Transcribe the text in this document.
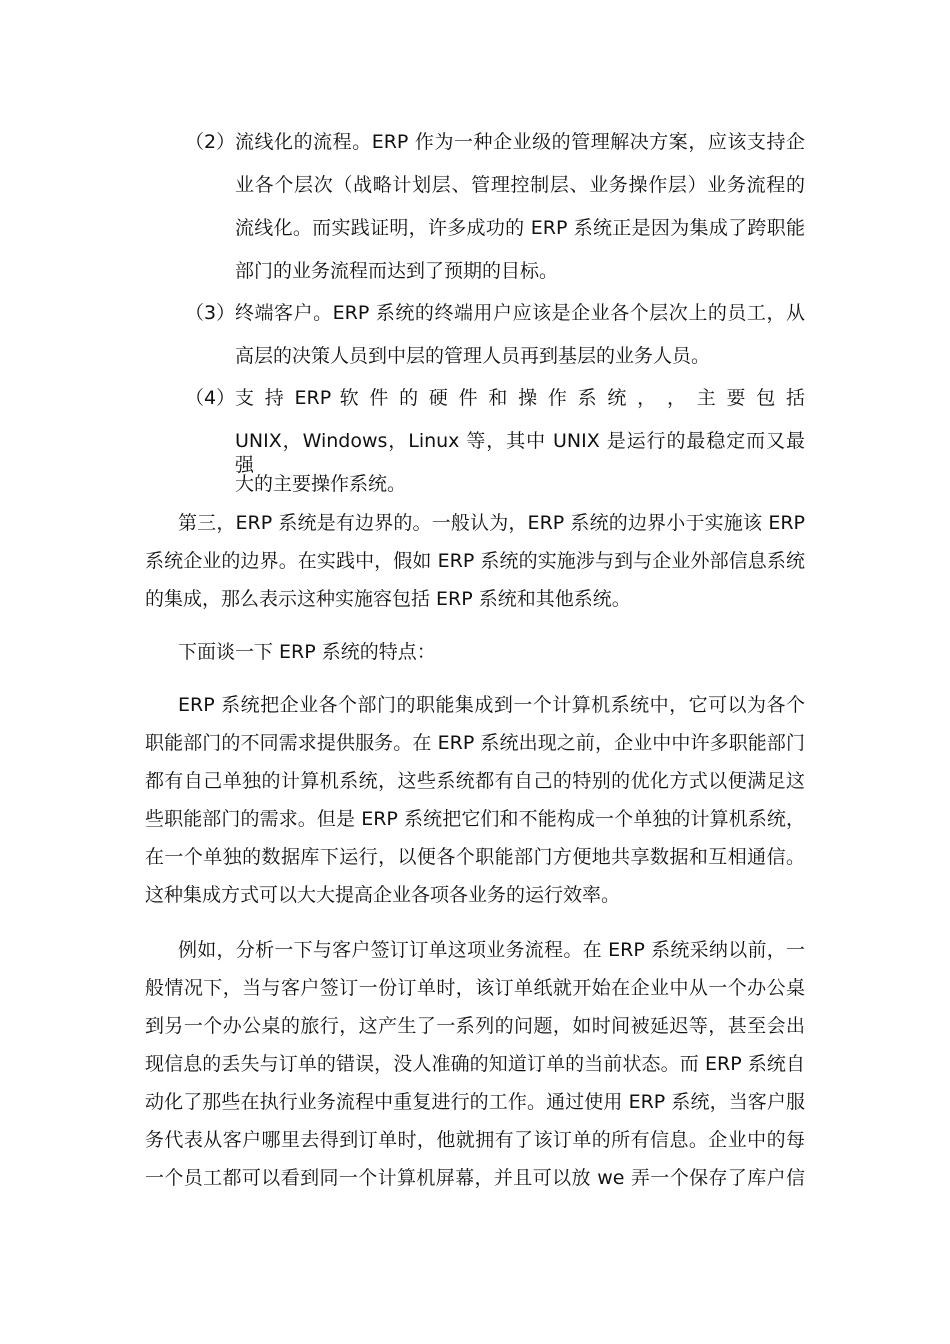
（2） 流线化的流程。ERP 作为一种企业级的管理解决方案，应该支持企
业各个层次（战略计划层、管理控制层、业务操作层）业务流程的
流线化。而实践证明，许多成功的 ERP 系统正是因为集成了跨职能
部门的业务流程而达到了预期的目标。
（3） 终端客户。ERP 系统的终端用户应该是企业各个层次上的员工，从
高层的决策人员到中层的管理人员再到基层的业务人员。
（4） 支 持 ERP 软 件 的 硬 件 和 操 作 系 统 ， ， 主 要 包 括
UNIX，Windows，Linux 等，其中 UNIX 是运行的最稳定而又最强
大的主要操作系统。
第三，ERP 系统是有边界的。一般认为，ERP 系统的边界小于实施该 ERP
系统企业的边界。在实践中，假如 ERP 系统的实施涉与到与企业外部信息系统
的集成，那么表示这种实施容包括 ERP 系统和其他系统。
下面谈一下 ERP 系统的特点：
ERP 系统把企业各个部门的职能集成到一个计算机系统中，它可以为各个
职能部门的不同需求提供服务。在 ERP 系统出现之前，企业中中许多职能部门
都有自己单独的计算机系统，这些系统都有自己的特别的优化方式以便满足这
些职能部门的需求。但是 ERP 系统把它们和不能构成一个单独的计算机系统，
在一个单独的数据库下运行，以便各个职能部门方便地共享数据和互相通信。
这种集成方式可以大大提高企业各项各业务的运行效率。
例如，分析一下与客户签订订单这项业务流程。在 ERP 系统采纳以前，一
般情况下，当与客户签订一份订单时，该订单纸就开始在企业中从一个办公桌
到另一个办公桌的旅行，这产生了一系列的问题，如时间被延迟等，甚至会出
现信息的丢失与订单的错误，没人准确的知道订单的当前状态。而 ERP 系统自
动化了那些在执行业务流程中重复进行的工作。通过使用 ERP 系统，当客户服
务代表从客户哪里去得到订单时，他就拥有了该订单的所有信息。企业中的每
一个员工都可以看到同一个计算机屏幕，并且可以放 we 弄一个保存了库户信
